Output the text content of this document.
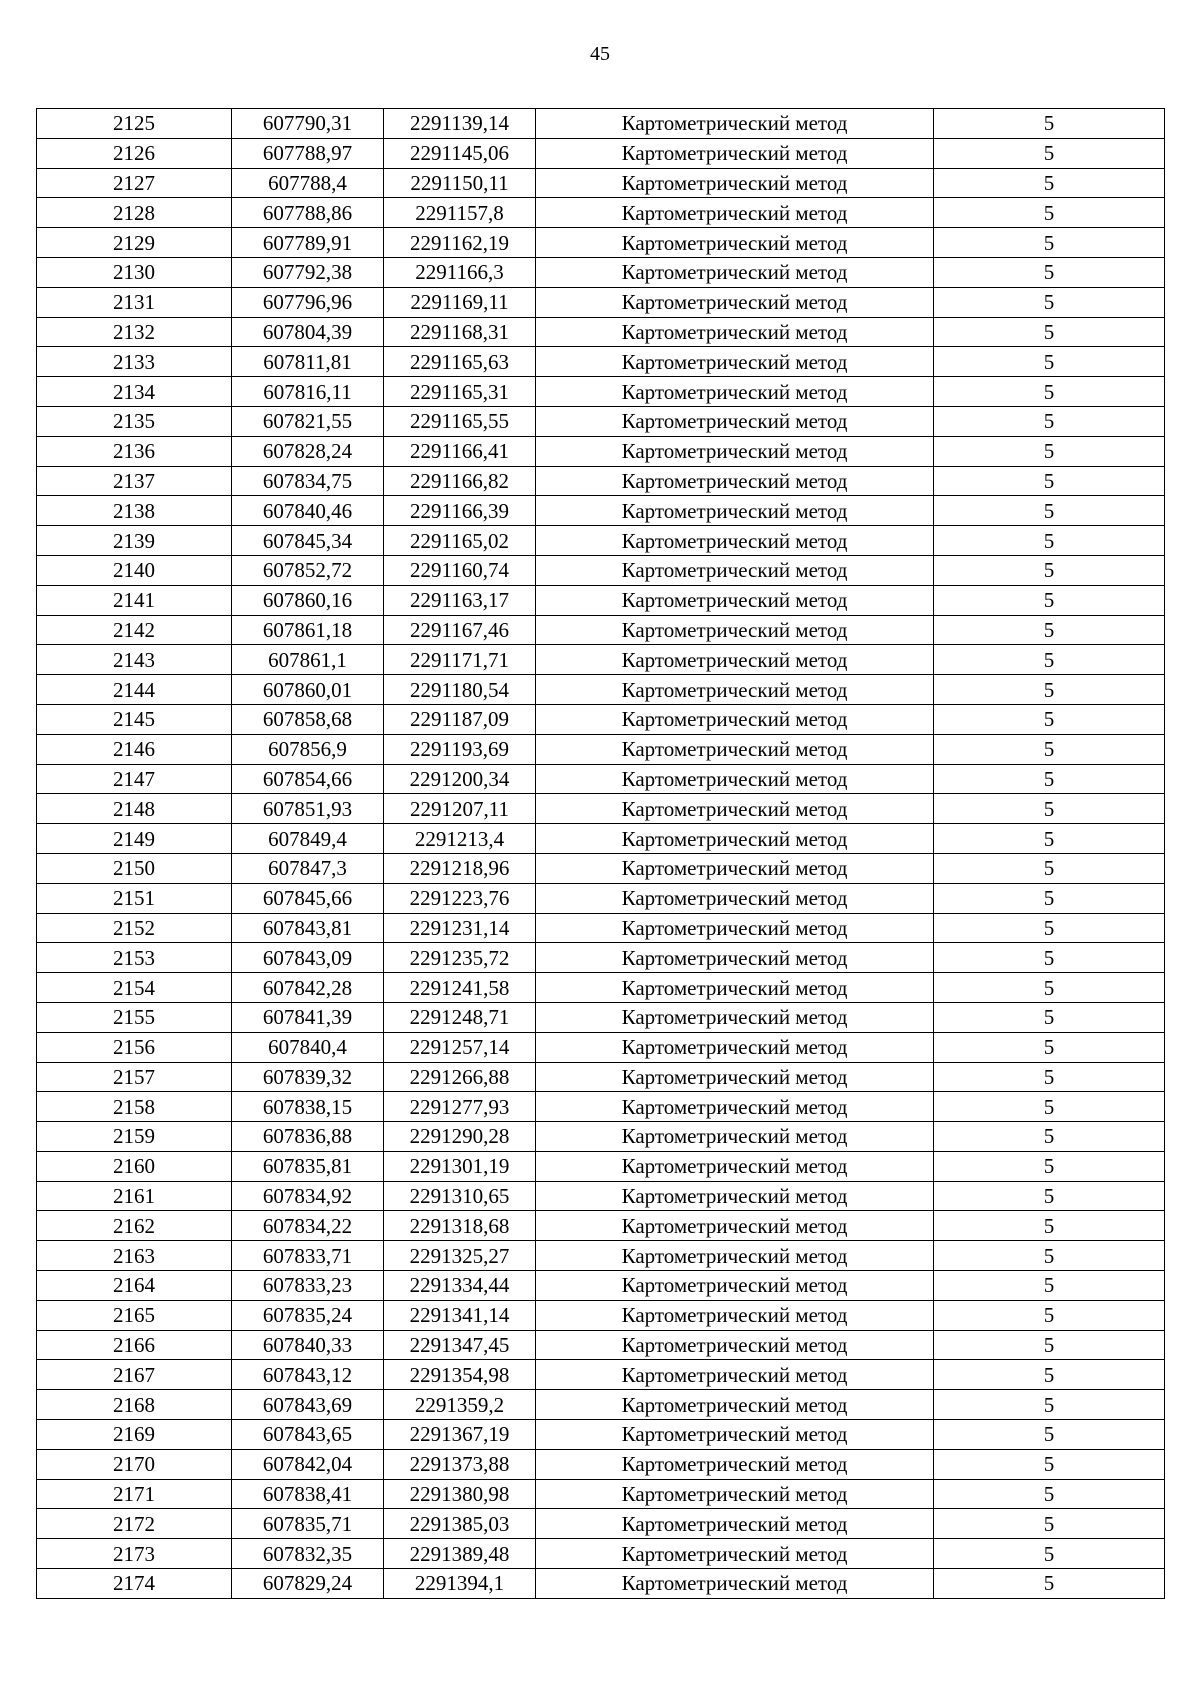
45
2125	607790,31	2291139,14	Картометрический метод	5
2126	607788,97	2291145,06	Картометрический метод	5
2127	607788,4	2291150,11	Картометрический метод	5
2128	607788,86	2291157,8	Картометрический метод	5
2129	607789,91	2291162,19	Картометрический метод	5
2130	607792,38	2291166,3	Картометрический метод	5
2131	607796,96	2291169,11	Картометрический метод	5
2132	607804,39	2291168,31	Картометрический метод	5
2133	607811,81	2291165,63	Картометрический метод	5
2134	607816,11	2291165,31	Картометрический метод	5
2135	607821,55	2291165,55	Картометрический метод	5
2136	607828,24	2291166,41	Картометрический метод	5
2137	607834,75	2291166,82	Картометрический метод	5
2138	607840,46	2291166,39	Картометрический метод	5
2139	607845,34	2291165,02	Картометрический метод	5
2140	607852,72	2291160,74	Картометрический метод	5
2141	607860,16	2291163,17	Картометрический метод	5
2142	607861,18	2291167,46	Картометрический метод	5
2143	607861,1	2291171,71	Картометрический метод	5
2144	607860,01	2291180,54	Картометрический метод	5
2145	607858,68	2291187,09	Картометрический метод	5
2146	607856,9	2291193,69	Картометрический метод	5
2147	607854,66	2291200,34	Картометрический метод	5
2148	607851,93	2291207,11	Картометрический метод	5
2149	607849,4	2291213,4	Картометрический метод	5
2150	607847,3	2291218,96	Картометрический метод	5
2151	607845,66	2291223,76	Картометрический метод	5
2152	607843,81	2291231,14	Картометрический метод	5
2153	607843,09	2291235,72	Картометрический метод	5
2154	607842,28	2291241,58	Картометрический метод	5
2155	607841,39	2291248,71	Картометрический метод	5
2156	607840,4	2291257,14	Картометрический метод	5
2157	607839,32	2291266,88	Картометрический метод	5
2158	607838,15	2291277,93	Картометрический метод	5
2159	607836,88	2291290,28	Картометрический метод	5
2160	607835,81	2291301,19	Картометрический метод	5
2161	607834,92	2291310,65	Картометрический метод	5
2162	607834,22	2291318,68	Картометрический метод	5
2163	607833,71	2291325,27	Картометрический метод	5
2164	607833,23	2291334,44	Картометрический метод	5
2165	607835,24	2291341,14	Картометрический метод	5
2166	607840,33	2291347,45	Картометрический метод	5
2167	607843,12	2291354,98	Картометрический метод	5
2168	607843,69	2291359,2	Картометрический метод	5
2169	607843,65	2291367,19	Картометрический метод	5
2170	607842,04	2291373,88	Картометрический метод	5
2171	607838,41	2291380,98	Картометрический метод	5
2172	607835,71	2291385,03	Картометрический метод	5
2173	607832,35	2291389,48	Картометрический метод	5
2174	607829,24	2291394,1	Картометрический метод	5
